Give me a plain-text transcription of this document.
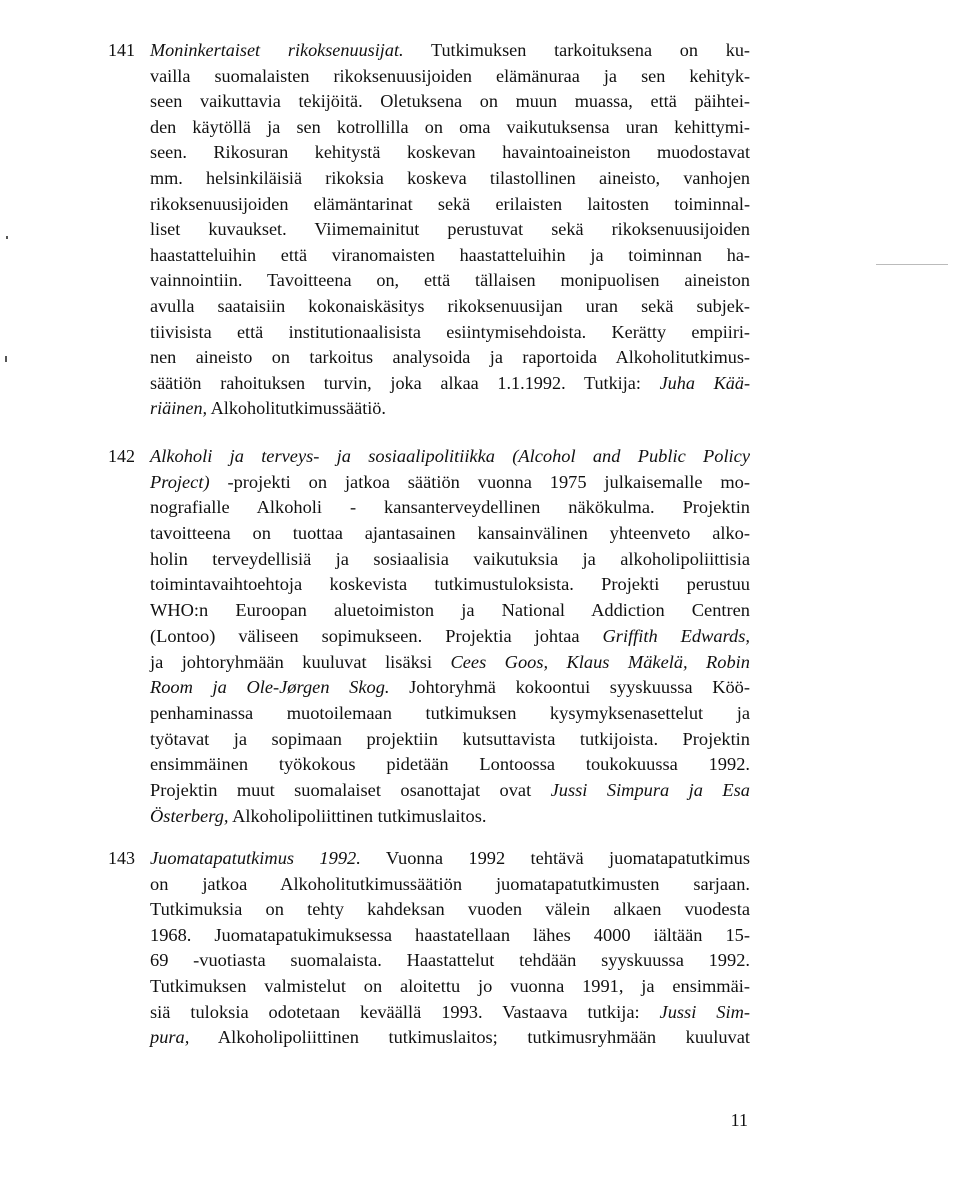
141 Moninkertaiset rikoksenuusijat. Tutkimuksen tarkoituksena on ku-
vailla suomalaisten rikoksenuusijoiden elämänuraa ja sen kehityk-
seen vaikuttavia tekijöitä. Oletuksena on muun muassa, että päihtei-
den käytöllä ja sen kotrollilla on oma vaikutuksensa uran kehittymi-
seen. Rikosuran kehitystä koskevan havaintoaineiston muodostavat
mm. helsinkiläisiä rikoksia koskeva tilastollinen aineisto, vanhojen
rikoksenuusijoiden elämäntarinat sekä erilaisten laitosten toiminnal-
liset kuvaukset. Viimemainitut perustuvat sekä rikoksenuusijoiden
haastatteluihin että viranomaisten haastatteluihin ja toiminnan ha-
vainnointiin. Tavoitteena on, että tällaisen monipuolisen aineiston
avulla saataisiin kokonaiskäsitys rikoksenuusijan uran sekä subjek-
tiivisista että institutionaalisista esiintymisehdoista. Kerätty empiiri-
nen aineisto on tarkoitus analysoida ja raportoida Alkoholitutkimus-
säätiön rahoituksen turvin, joka alkaa 1.1.1992. Tutkija: Juha Kää-
riäinen, Alkoholitutkimussäätiö.
142 Alkoholi ja terveys- ja sosiaalipolitiikka (Alcohol and Public Policy
Project) -projekti on jatkoa säätiön vuonna 1975 julkaisemalle mo-
nografialle Alkoholi - kansanterveydellinen näkökulma. Projektin
tavoitteena on tuottaa ajantasainen kansainvälinen yhteenveto alko-
holin terveydellisiä ja sosiaalisia vaikutuksia ja alkoholipoliittisia
toimintavaihtoehtoja koskevista tutkimustuloksista. Projekti perustuu
WHO:n Euroopan aluetoimiston ja National Addiction Centren
(Lontoo) väliseen sopimukseen. Projektia johtaa Griffith Edwards,
ja johtoryhmään kuuluvat lisäksi Cees Goos, Klaus Mäkelä, Robin
Room ja Ole-Jørgen Skog. Johtoryhmä kokoontui syyskuussa Köö-
penhaminassa muotoilemaan tutkimuksen kysymyksenasettelut ja
työtavat ja sopimaan projektiin kutsuttavista tutkijoista. Projektin
ensimmäinen työkokous pidetään Lontoossa toukokuussa 1992.
Projektin muut suomalaiset osanottajat ovat Jussi Simpura ja Esa
Österberg, Alkoholipoliittinen tutkimuslaitos.
143 Juomatapatutkimus 1992. Vuonna 1992 tehtävä juomatapatutkimus
on jatkoa Alkoholitutkimussäätiön juomatapatutkimusten sarjaan.
Tutkimuksia on tehty kahdeksan vuoden välein alkaen vuodesta
1968. Juomatapatukimuksessa haastatellaan lähes 4000 iältään 15-
69 -vuotiasta suomalaista. Haastattelut tehdään syyskuussa 1992.
Tutkimuksen valmistelut on aloitettu jo vuonna 1991, ja ensimmäi-
siä tuloksia odotetaan keväällä 1993. Vastaava tutkija: Jussi Sim-
pura, Alkoholipoliittinen tutkimuslaitos; tutkimusryhmään kuuluvat
11
